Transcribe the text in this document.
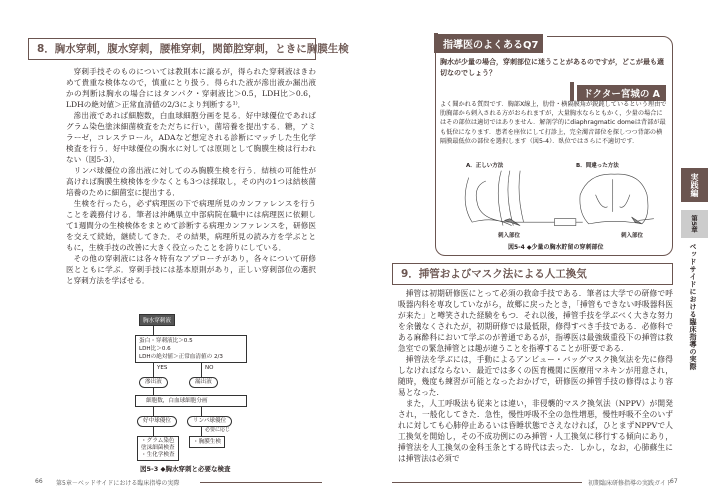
8．胸水穿刺，腹水穿刺，腰椎穿刺，関節腔穿刺，ときに胸膜生検

穿刺手技そのものについては教則本に譲るが，得られた穿刺液はきわめて貴重な検体なので，慎重にとり扱う．得られた液が滲出液か漏出液かの判断は胸水の場合にはタンパク・穿刺液比＞0.5，LDH比＞0.6，LDHの絶対値＞正常血清値の2/3により判断する¹⁾．

滲出液であれば細胞数，白血球細胞分画を見る．好中球優位であればグラム染色塗沫細菌検査をただちに行い，菌培養を提出する．糖，アミラーゼ，コレステロール，ADAなど想定される診断にマッチした生化学検査を行う．好中球優位の胸水に対しては原則として胸膜生検は行われない（図5-3）．

リンパ球優位の滲出液に対してのみ胸膜生検を行う．結核の可能性が高ければ胸膜生検検体を少なくとも3つは採取し，その内の1つは結核菌培養のために細菌室に提出する．

生検を行ったら，必ず病理医の下で病理所見のカンファレンスを行うことを義務付ける．筆者は沖縄県立中部病院在職中には病理医に依頼して1週間分の生検検体をまとめて診断する病理カンファレンスを，研修医を交えて続始，継続してきた．その結果，病理所見の読み方を学ぶとともに，生検手技の改善に大きく役立ったことを誇りにしている．

その他の穿刺液には各々特有なアプローチがあり，各々について研修医とともに学ぶ．穿刺手技には基本原則があり，正しい穿刺部位の選択と穿刺方法を学ばせる．

胸水穿刺液
蛋白・穿刺液比＞0.5
LDH比＞0.6
LDHの絶対値＞正常血清値の 2/3
YES	NO
滲出液	漏出液
細胞数，白血球細胞分画
好中球優位	リンパ球優位
必要に応じ
・グラム染色
塗沫細菌検査
・生化学検査
・胸膜生検
図5-3 ◆胸水穿刺と必要な検査
66 第5章－ベッドサイドにおける臨床指導の実際
指導医のよくあるQ7
胸水が少量の場合，穿刺部位に迷うことがあるのですが，どこが最も適切なのでしょう？
ドクター宮城の A
よく聞かれる質問です．胸部X線上，肋骨・横隔膜角が鋭鈍しているという理由で肋胸部から刺入される方がおられますが，大量胸水ならともかく，少量の場合にはその部位は適切ではありません．解剖学的にdiaphragmatic domeは背部が最も低位になります．患者を座位にして打診上，完全濁音部位を探しつつ背部の横隔膜最低位の部位を選択します（図5-4）．臥位ではさらに不適切です．
A．正しい方法	B．間違った方法
刺入部位	刺入部位
図5-4 ◆少量の胸水貯留の穿刺部位
9．挿管およびマスク法による人工換気

挿管は初期研修医にとって必須の救命手技である．筆者は大学での研修で呼吸器内科を専攻していながら，故郷に戻ったとき，「挿管もできない呼吸器科医が来た」と噂笑された経験をもつ．それ以後，挿管手技を学ぶべく大きな努力を余儀なくされたが，初期研修では最低限，修得すべき手技である．必修科である麻酔科において学ぶのが普通であるが，指導医は最強級重役下の挿管は救急室での緊急挿管とは趣が違うことを指導することが肝要である．

挿管法を学ぶには，手動によるアンビュー・バッグマスク換気法を先に修得しなければならない．最近では多くの医育機関に医療用マネキンが用意され，随時，幾度も練習が可能となったおかげで，研修医の挿管手技の修得はより容易となった．

また，人工呼吸法も従来とは違い，非侵襲的マスク換気法（NPPV）が開発され，一般化してきた．急性，慢性呼吸不全の急性増悪，慢性呼吸不全のいずれに対しても心肺停止あるいは昏睡状態でさえなければ，ひとまずNPPVで人工換気を開始し，その不成功例にのみ挿管・人工換気に移行する傾向にあり，挿管法を人工換気の金科玉条とする時代は去った．しかし，なお，心肺蘇生には挿管法は必須で

実践編
第5章
ベッドサイドにおける臨床指導の実際
初期臨床研修指導の実践ガイド
67
